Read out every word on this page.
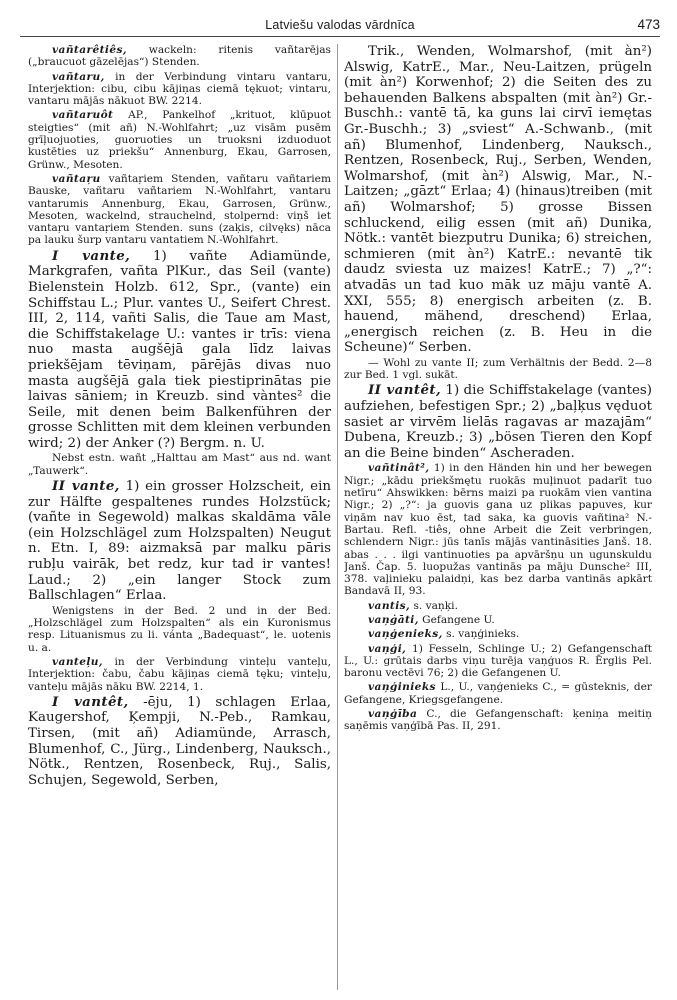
Latviešu valodas vārdnīca	473

vañtarêtiês, wackeln: ritenis vañtarējas („braucuot gāzelējas“) Stenden.

vañtaru, in der Verbindung vintaru vantaru, Interjektion: cibu, cibu kājiņas ciemā tękuot; vintaru, vantaru mājās nākuot BW. 2214.

vañtaruôt AP., Pankelhof „krituot, klūpuot steigties“ (mit añ) N.-Wohlfahrt; „uz visām pusēm grīļuojuoties, guoruoties un truoksni izduoduot kustēties uz priekšu“ Annenburg, Ekau, Garrosen, Grünw., Mesoten.

vañtaŗu vañtaŗiem Stenden, vañtaru vañtariem Bauske, vañtaru vañtariem N.-Wohlfahrt, vantaru vantarumis Annenburg, Ekau, Garrosen, Grünw., Mesoten, wackelnd, strauchelnd, stolpernd: viņš iet vantaŗu vantaŗiem Stenden. suns (zaķis, cilvęks) nāca pa lauku šurp vantaru vantatiem N.-Wohlfahrt.

I vante, 1) vañte Adiamünde, Markgrafen, vañta PlKur., das Seil (vante) Bielenstein Holzb. 612, Spr., (vante) ein Schiffstau L.; Plur. vantes U., Seifert Chrest. III, 2, 114, vañti Salis, die Taue am Mast, die Schiffstakelage U.: vantes ir trīs: viena nuo masta augšējā gala līdz laivas priekšējam tēviņam, pārējās divas nuo masta augšējā gala tiek piestiprinātas pie laivas sāniem; in Kreuzb. sind vàntes² die Seile, mit denen beim Balkenführen der grosse Schlitten mit dem kleinen verbunden wird; 2) der Anker (?) Bergm. n. U.

Nebst estn. wañt „Halttau am Mast“ aus nd. want „Tauwerk“.

II vante, 1) ein grosser Holzscheit, ein zur Hälfte gespaltenes rundes Holzstück; (vañte in Segewold) malkas skaldāma vāle (ein Holzschlägel zum Holzspalten) Neugut n. Etn. I, 89: aizmaksā par malku pāris rubļu vairāk, bet redz, kur tad ir vantes! Laud.; 2) „ein langer Stock zum Ballschlagen“ Erlaa.

Wenigstens in der Bed. 2 und in der Bed. „Holzschlägel zum Holzspalten“ als ein Kuronismus resp. Lituanismus zu li. vánta „Badequast“, le. uotenis u. a.

vanteļu, in der Verbindung vinteļu vanteļu, Interjektion: čabu, čabu kājiņas ciemā tęku; vinteļu, vanteļu mājās nāku BW. 2214, 1.

I vantêt, -ēju, 1) schlagen Erlaa, Kaugershof, Ķempji, N.-Peb., Ramkau, Tirsen, (mit añ) Adiamünde, Arrasch, Blumenhof, C., Jürg., Lindenberg, Nauksch., Nötk., Rentzen, Rosenbeck, Ruj., Salis, Schujen, Segewold, Serben,

Trik., Wenden, Wolmarshof, (mit àn²) Alswig, KatrE., Mar., Neu-Laitzen, prügeln (mit àn²) Korwenhof; 2) die Seiten des zu behauenden Balkens abspalten (mit àn²) Gr.-Buschh.: vantē tā, ka guns lai cirvī iemętas Gr.-Buschh.; 3) „sviest“ A.-Schwanb., (mit añ) Blumenhof, Lindenberg, Nauksch., Rentzen, Rosenbeck, Ruj., Serben, Wenden, Wolmarshof, (mit àn²) Alswig, Mar., N.-Laitzen; „gāzt“ Erlaa; 4) (hinaus)treiben (mit añ) Wolmarshof; 5) grosse Bissen schluckend, eilig essen (mit añ) Dunika, Nötk.: vantēt biezputru Dunika; 6) streichen, schmieren (mit àn²) KatrE.: nevantē tik daudz sviesta uz maizes! KatrE.; 7) „?“: atvadās un tad kuo māk uz māju vantē A. XXI, 555; 8) energisch arbeiten (z. B. hauend, mähend, dreschend) Erlaa, „energisch reichen (z. B. Heu in die Scheune)“ Serben.

— Wohl zu vante II; zum Verhältnis der Bedd. 2—8 zur Bed. 1 vgl. sukāt.

II vantêt, 1) die Schiffstakelage (vantes) aufziehen, befestigen Spr.; 2) „baļķus vęduot sasiet ar virvēm lielās ragavas ar mazajām“ Dubena, Kreuzb.; 3) „bösen Tieren den Kopf an die Beine binden“ Ascheraden.

vañtinât², 1) in den Händen hin und her bewegen Nigr.; „kādu priekšmętu ruokās muļinuot padarīt tuo netīru“ Ahswikken: bērns maizi pa ruokām vien vantina Nigr.; 2) „?“: ja guovis gana uz plikas papuves, kur viņām nav kuo ēst, tad saka, ka guovis vañtina² N.-Bartau. Refl. -tiês, ohne Arbeit die Zeit verbringen, schlendern Nigr.: jūs tanīs mājās vantināsities Janš. 18. abas . . . ilgi vantinuoties pa apvāršņu un ugunskuldu Janš. Čap. 5. luopužas vantinās pa māju Dunsche² III, 378. vaļinieku palaidņi, kas bez darba vantinās apkārt Bandavā II, 93.

vantis, s. vaņķi.

vaņġāti, Gefangene U.

vaņģenieks, s. vaņģinieks.

vaņģi, 1) Fesseln, Schlinge U.; 2) Gefangenschaft L., U.: grūtais darbs viņu turēja vaņģuos R. Ērglis Pel. baronu vectēvi 76; 2) die Gefangenen U.

vaņģinieks L., U., vaņģenieks C., = gūsteknis, der Gefangene, Kriegsgefangene.

vaņģība C., die Gefangenschaft: ķeniņa meitiņ saņēmis vaņģībā Pas. II, 291.
